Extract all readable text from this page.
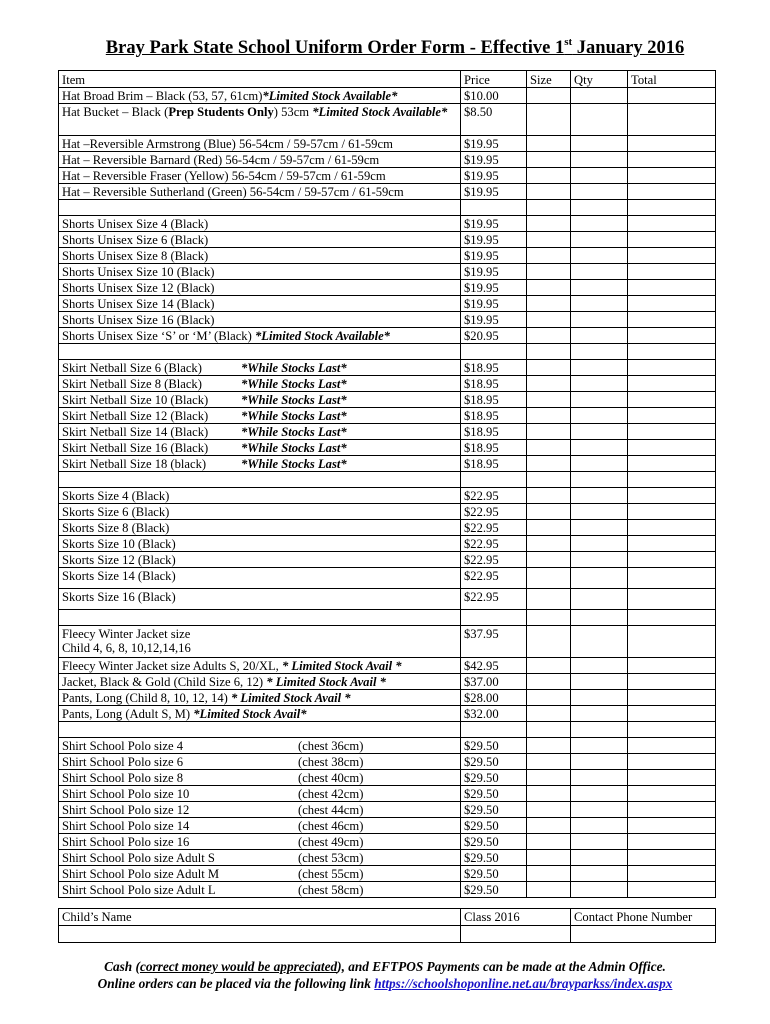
Bray Park State School Uniform Order Form - Effective 1st January 2016
Item	Price	Size	Qty	Total
Hat Broad Brim – Black (53, 57, 61cm)*Limited Stock Available*	$10.00			
Hat Bucket – Black (Prep Students Only) 53cm *Limited Stock Available*	$8.50			
Hat –Reversible Armstrong (Blue) 56-54cm / 59-57cm / 61-59cm	$19.95			
Hat – Reversible Barnard (Red) 56-54cm / 59-57cm / 61-59cm	$19.95			
Hat – Reversible Fraser (Yellow) 56-54cm / 59-57cm / 61-59cm	$19.95			
Hat – Reversible Sutherland (Green) 56-54cm / 59-57cm / 61-59cm	$19.95			

Shorts Unisex Size 4 (Black)	$19.95			
Shorts Unisex Size 6 (Black)	$19.95			
Shorts Unisex Size 8 (Black)	$19.95			
Shorts Unisex Size 10 (Black)	$19.95			
Shorts Unisex Size 12 (Black)	$19.95			
Shorts Unisex Size 14 (Black)	$19.95			
Shorts Unisex Size 16 (Black)	$19.95			
Shorts Unisex Size ‘S’ or ‘M’ (Black) *Limited Stock Available*	$20.95			

Skirt Netball Size 6 (Black) *While Stocks Last*	$18.95			
Skirt Netball Size 8 (Black) *While Stocks Last*	$18.95			
Skirt Netball Size 10 (Black) *While Stocks Last*	$18.95			
Skirt Netball Size 12 (Black) *While Stocks Last*	$18.95			
Skirt Netball Size 14 (Black) *While Stocks Last*	$18.95			
Skirt Netball Size 16 (Black) *While Stocks Last*	$18.95			
Skirt Netball Size 18 (black) *While Stocks Last*	$18.95			

Skorts Size 4 (Black)	$22.95			
Skorts Size 6 (Black)	$22.95			
Skorts Size 8 (Black)	$22.95			
Skorts Size 10 (Black)	$22.95			
Skorts Size 12 (Black)	$22.95			
Skorts Size 14 (Black)	$22.95			
Skorts Size 16 (Black)	$22.95			

Fleecy Winter Jacket size
Child 4, 6, 8, 10,12,14,16	$37.95			
Fleecy Winter Jacket size Adults S, 20/XL, * Limited Stock Avail *	$42.95			
Jacket, Black & Gold (Child Size 6, 12) * Limited Stock Avail *	$37.00			
Pants, Long (Child 8, 10, 12, 14) * Limited Stock Avail *	$28.00			
Pants, Long (Adult S, M) *Limited Stock Avail*	$32.00			

Shirt School Polo size 4 (chest 36cm)	$29.50			
Shirt School Polo size 6 (chest 38cm)	$29.50			
Shirt School Polo size 8 (chest 40cm)	$29.50			
Shirt School Polo size 10 (chest 42cm)	$29.50			
Shirt School Polo size 12 (chest 44cm)	$29.50			
Shirt School Polo size 14 (chest 46cm)	$29.50			
Shirt School Polo size 16 (chest 49cm)	$29.50			
Shirt School Polo size Adult S (chest 53cm)	$29.50			
Shirt School Polo size Adult M (chest 55cm)	$29.50			
Shirt School Polo size Adult L (chest 58cm)	$29.50			
Child’s Name	Class 2016	Contact Phone Number

Cash (correct money would be appreciated), and EFTPOS Payments can be made at the Admin Office.
Online orders can be placed via the following link https://schoolshoponline.net.au/brayparkss/index.aspx
